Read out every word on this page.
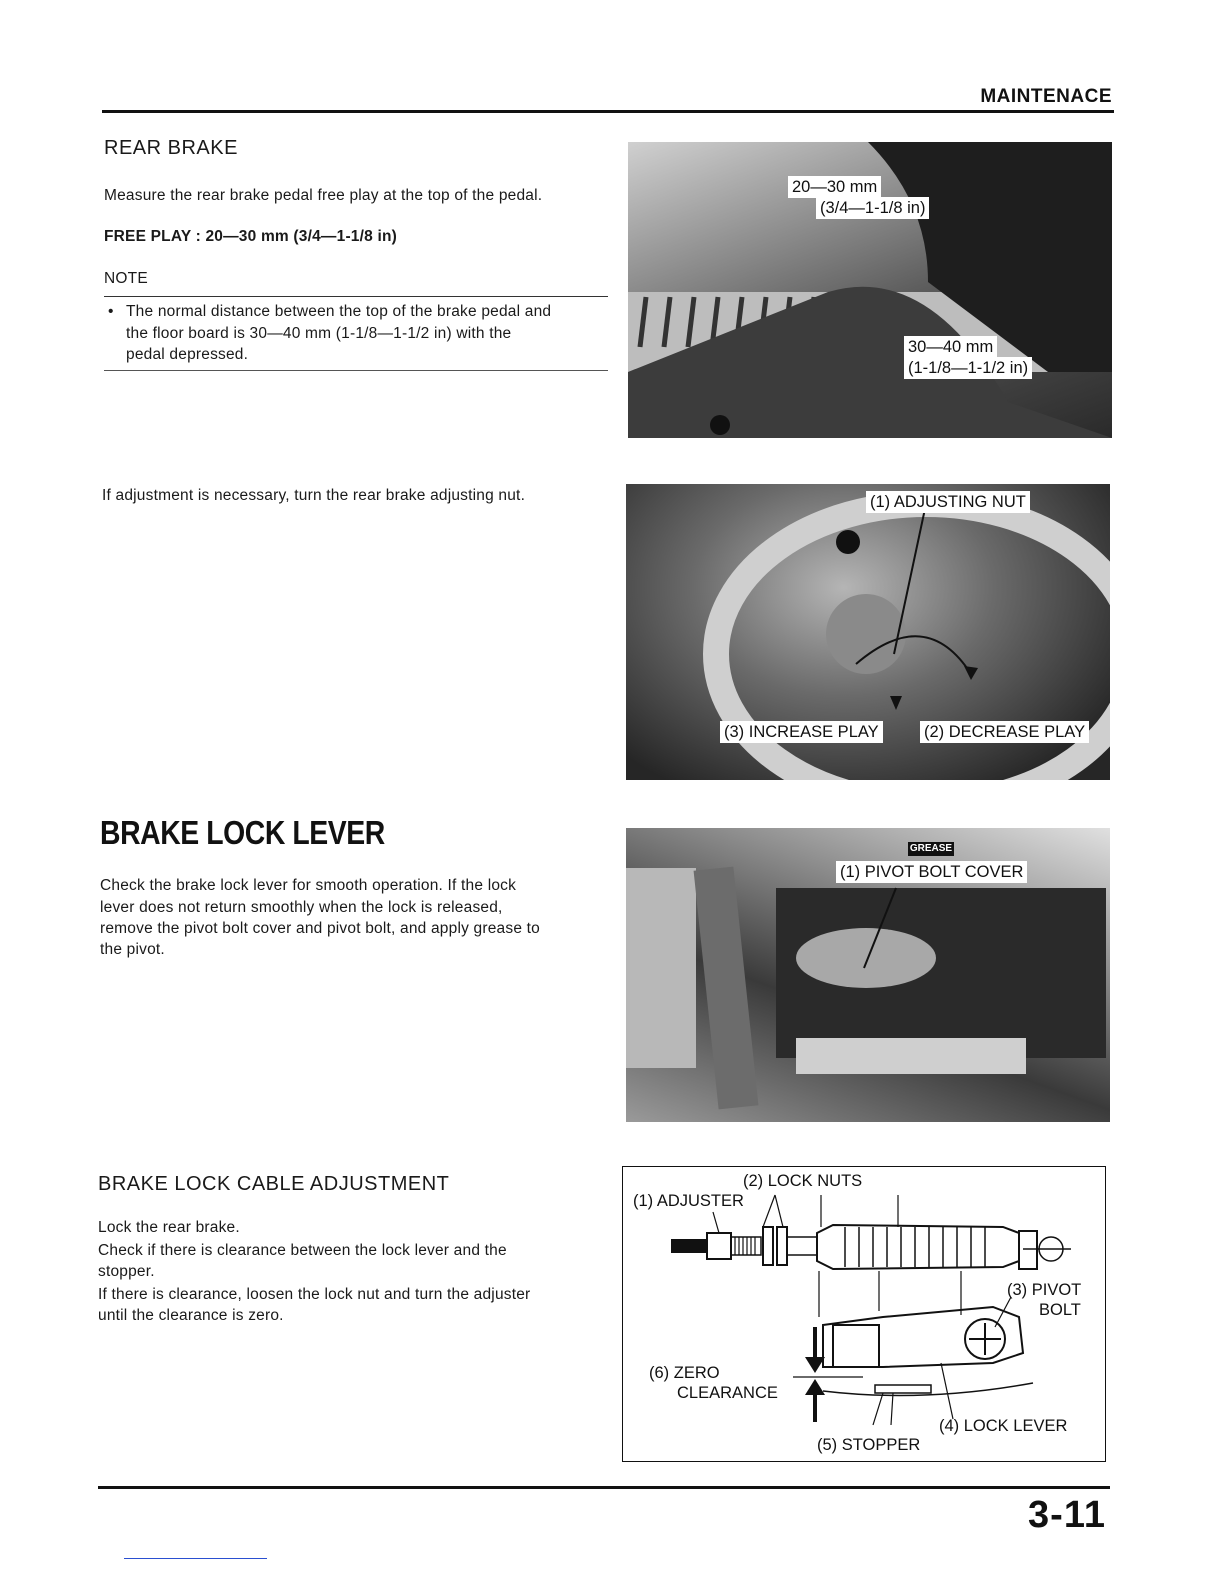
MAINTENACE
REAR BRAKE
Measure the rear brake pedal free play at the top of the pedal.
FREE PLAY : 20—30 mm (3/4—1-1/8 in)
NOTE
• The normal distance between the top of the brake pedal and
the floor board is 30—40 mm (1-1/8—1-1/2 in) with the
pedal depressed.
20—30 mm
(3/4—1-1/8 in)
30—40 mm
(1-1/8—1-1/2 in)
If adjustment is necessary, turn the rear brake adjusting nut.	(1) ADJUSTING NUT
(3) INCREASE PLAY	(2) DECREASE PLAY
BRAKE LOCK LEVER
Check the brake lock lever for smooth operation. If the lock
lever does not return smoothly when the lock is released,
remove the pivot bolt cover and pivot bolt, and apply grease to
the pivot.
GREASE
(1) PIVOT BOLT COVER
BRAKE LOCK CABLE ADJUSTMENT
Lock the rear brake.
Check if there is clearance between the lock lever and the
stopper.
If there is clearance, loosen the lock nut and turn the adjuster
until the clearance is zero.
(2) LOCK NUTS
(1) ADJUSTER
(3) PIVOT
BOLT
(6) ZERO
CLEARANCE
(4) LOCK LEVER
(5) STOPPER
3-11
